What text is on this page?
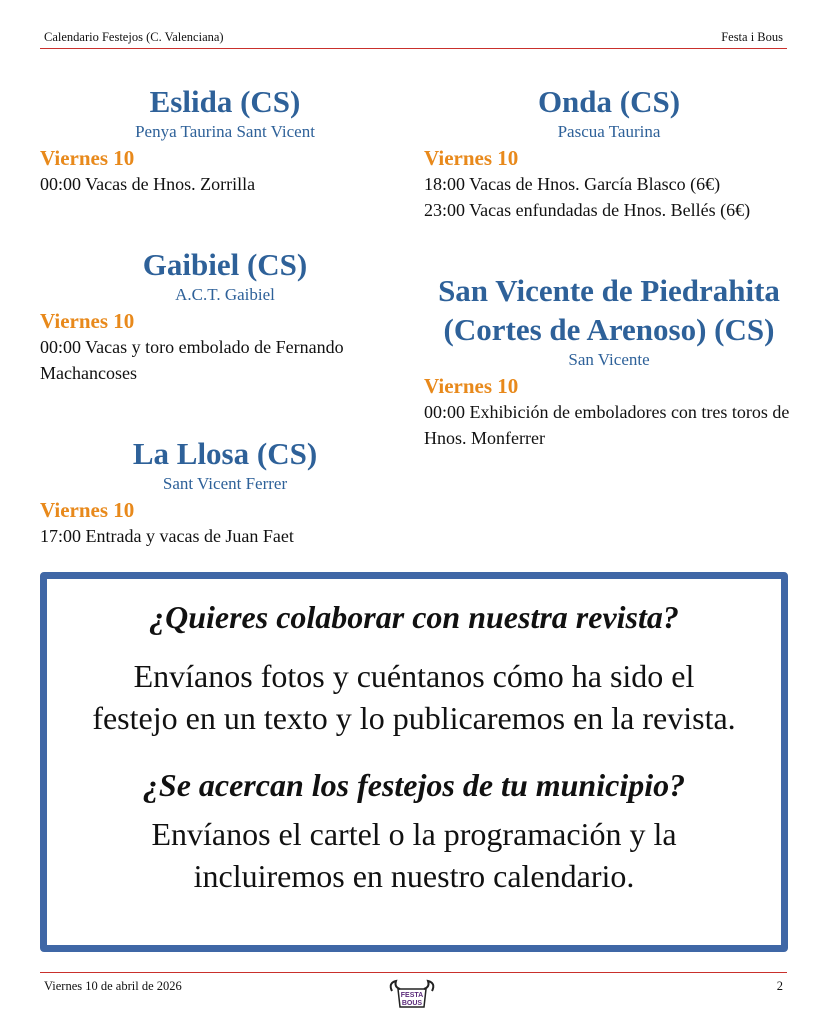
Calendario Festejos (C. Valenciana)	Festa i Bous
Eslida (CS)
Penya Taurina Sant Vicent
Viernes 10
00:00 Vacas de Hnos. Zorrilla
Gaibiel (CS)
A.C.T. Gaibiel
Viernes 10
00:00 Vacas y toro embolado de Fernando Machancoses
La Llosa (CS)
Sant Vicent Ferrer
Viernes 10
17:00 Entrada y vacas de Juan Faet
Onda (CS)
Pascua Taurina
Viernes 10
18:00 Vacas de Hnos. García Blasco (6€)
23:00 Vacas enfundadas de Hnos. Bellés (6€)
San Vicente de Piedrahita (Cortes de Arenoso) (CS)
San Vicente
Viernes 10
00:00 Exhibición de emboladores con tres toros de Hnos. Monferrer

¿Quieres colaborar con nuestra revista?

Envíanos fotos y cuéntanos cómo ha sido el festejo en un texto y lo publicaremos en la revista.

¿Se acercan los festejos de tu municipio?

Envíanos el cartel o la programación y la incluiremos en nuestro calendario.

Viernes 10 de abril de 2026
FESTA
BOUS
2
